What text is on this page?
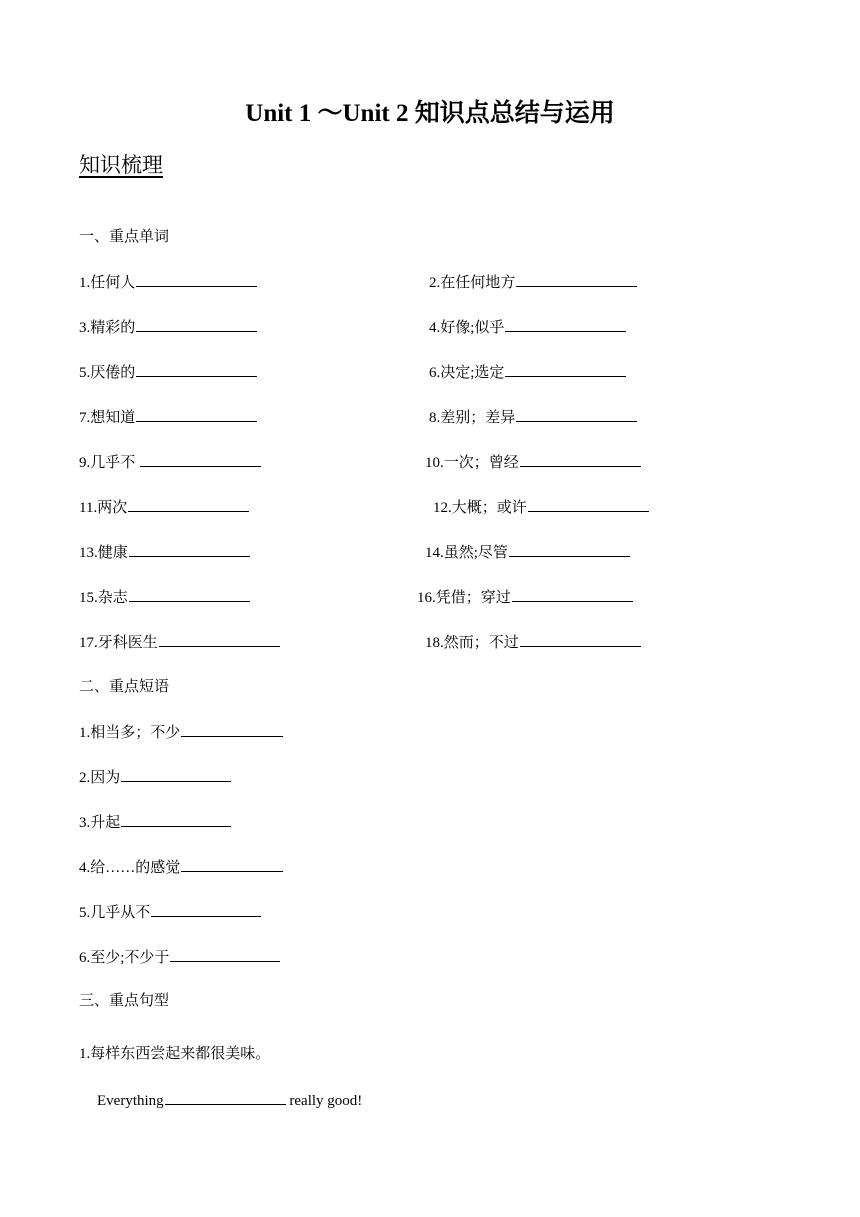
Unit 1 ～Unit 2 知识点总结与运用
知识梳理
一、重点单词
1.任何人	2.在任何地方
3.精彩的	4.好像;似乎
5.厌倦的	6.决定;选定
7.想知道	8.差别；差异
9.几乎不	10.一次；曾经
11.两次	12.大概；或许
13.健康	14.虽然;尽管
15.杂志	16.凭借；穿过
17.牙科医生	18.然而；不过
二、重点短语
1.相当多；不少
2.因为
3.升起
4.给……的感觉
5.几乎从不
6.至少;不少于
三、重点句型
1.每样东西尝起来都很美味。
Everything	really good!
